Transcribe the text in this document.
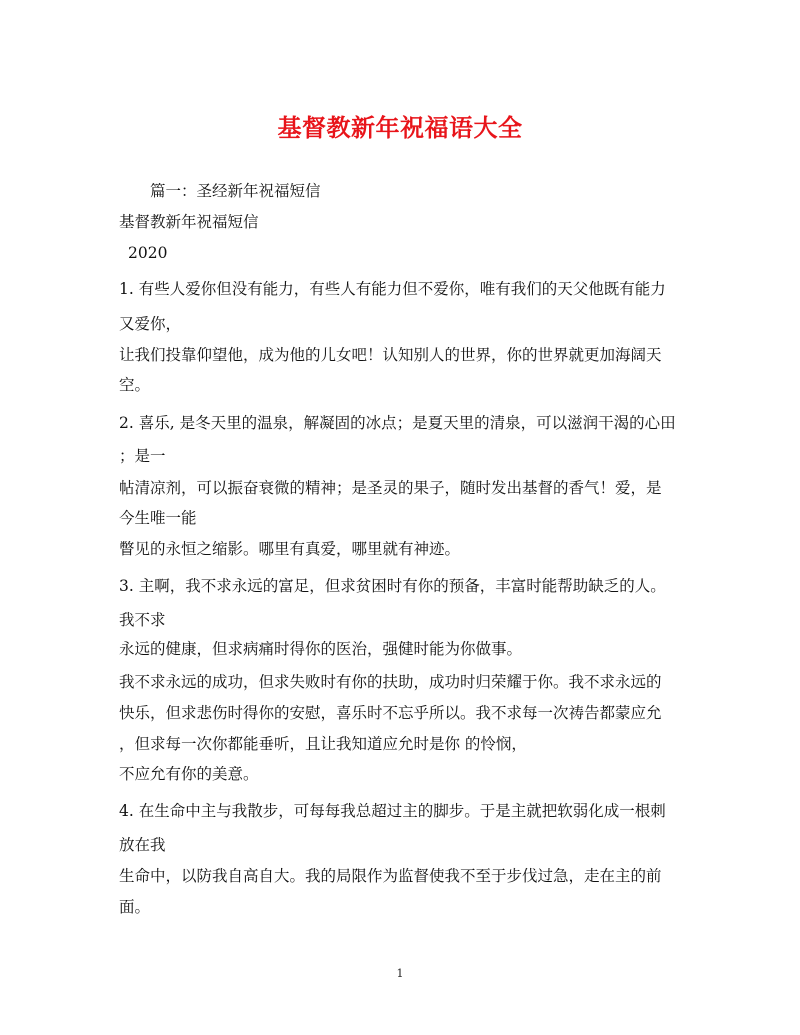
基督教新年祝福语大全
篇一：圣经新年祝福短信
基督教新年祝福短信
2020
1. 有些人爱你但没有能力，有些人有能力但不爱你，唯有我们的天父他既有能力
又爱你，
让我们投靠仰望他，成为他的儿女吧！认知别人的世界，你的世界就更加海阔天
空。
2. 喜乐, 是冬天里的温泉，解凝固的冰点；是夏天里的清泉，可以滋润干渴的心田
；是一
帖清凉剂，可以振奋衰微的精神；是圣灵的果子，随时发出基督的香气！爱，是
今生唯一能
瞥见的永恒之缩影。哪里有真爱，哪里就有神迹。
3. 主啊，我不求永远的富足，但求贫困时有你的预备，丰富时能帮助缺乏的人。
我不求
永远的健康，但求病痛时得你的医治，强健时能为你做事。
我不求永远的成功，但求失败时有你的扶助，成功时归荣耀于你。我不求永远的
快乐，但求悲伤时得你的安慰，喜乐时不忘乎所以。我不求每一次祷告都蒙应允
，但求每一次你都能垂听，且让我知道应允时是你 的怜悯，
不应允有你的美意。
4. 在生命中主与我散步，可每每我总超过主的脚步。于是主就把软弱化成一根刺
放在我
生命中，以防我自高自大。我的局限作为监督使我不至于步伐过急，走在主的前
面。
1
